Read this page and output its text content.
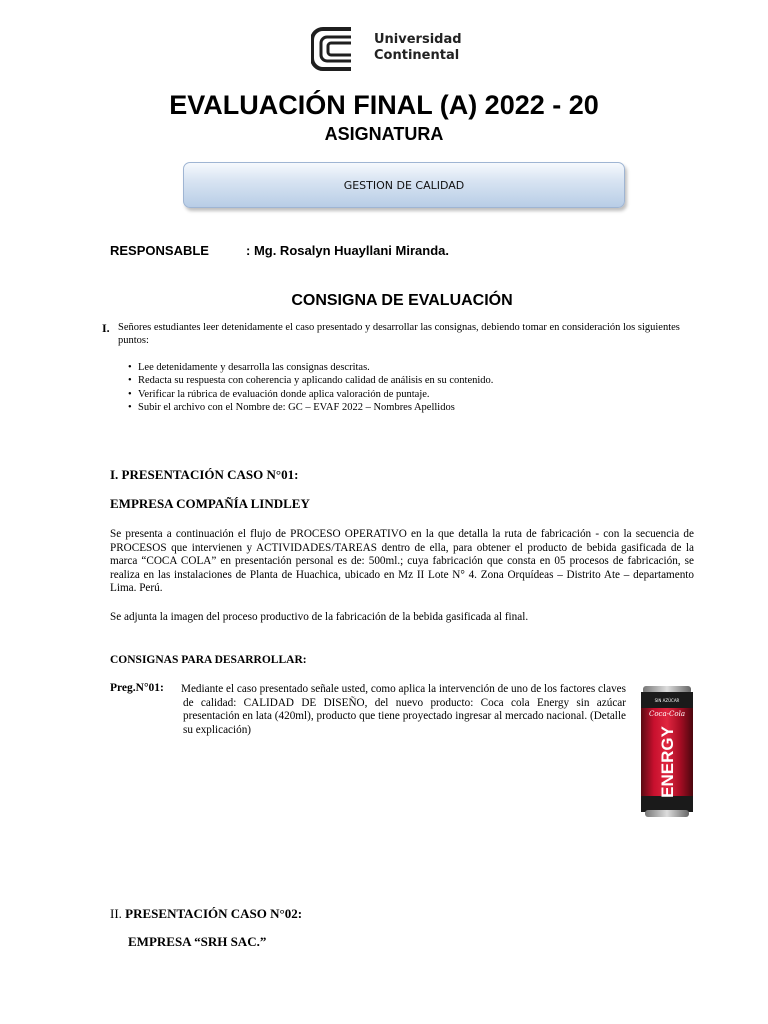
Universidad
Continental
EVALUACIÓN FINAL (A) 2022 - 20
ASIGNATURA
GESTION DE CALIDAD
RESPONSABLE	: Mg. Rosalyn Huayllani Miranda.
CONSIGNA DE EVALUACIÓN
I. Señores estudiantes leer detenidamente el caso presentado y desarrollar las consignas, debiendo tomar en consideración los siguientes puntos:
• Lee detenidamente y desarrolla las consignas descritas.
• Redacta su respuesta con coherencia y aplicando calidad de análisis en su contenido.
• Verificar la rúbrica de evaluación donde aplica valoración de puntaje.
• Subir el archivo con el Nombre de: GC – EVAF 2022 – Nombres Apellidos
I. PRESENTACIÓN CASO N°01:
EMPRESA COMPAÑÍA LINDLEY
Se presenta a continuación el flujo de PROCESO OPERATIVO en la que detalla la ruta de fabricación - con la secuencia de PROCESOS que intervienen y ACTIVIDADES/TAREAS dentro de ella, para obtener el producto de bebida gasificada de la marca “COCA COLA” en presentación personal es de: 500ml.; cuya fabricación que consta en 05 procesos de fabricación, se realiza en las instalaciones de Planta de Huachica, ubicado en Mz II Lote N° 4. Zona Orquídeas – Distrito Ate – departamento Lima. Perú.
Se adjunta la imagen del proceso productivo de la fabricación de la bebida gasificada al final.
CONSIGNAS PARA DESARROLLAR:
Preg.N°01: Mediante el caso presentado señale usted, como aplica la intervención de uno de los factores claves de calidad: CALIDAD DE DISEÑO, del nuevo producto: Coca cola Energy sin azúcar presentación en lata (420ml), producto que tiene proyectado ingresar al mercado nacional. (Detalle su explicación)
SIN AZÚCAR
Coca-Cola
ENERGY
II. PRESENTACIÓN CASO N°02:
EMPRESA “SRH SAC.”
